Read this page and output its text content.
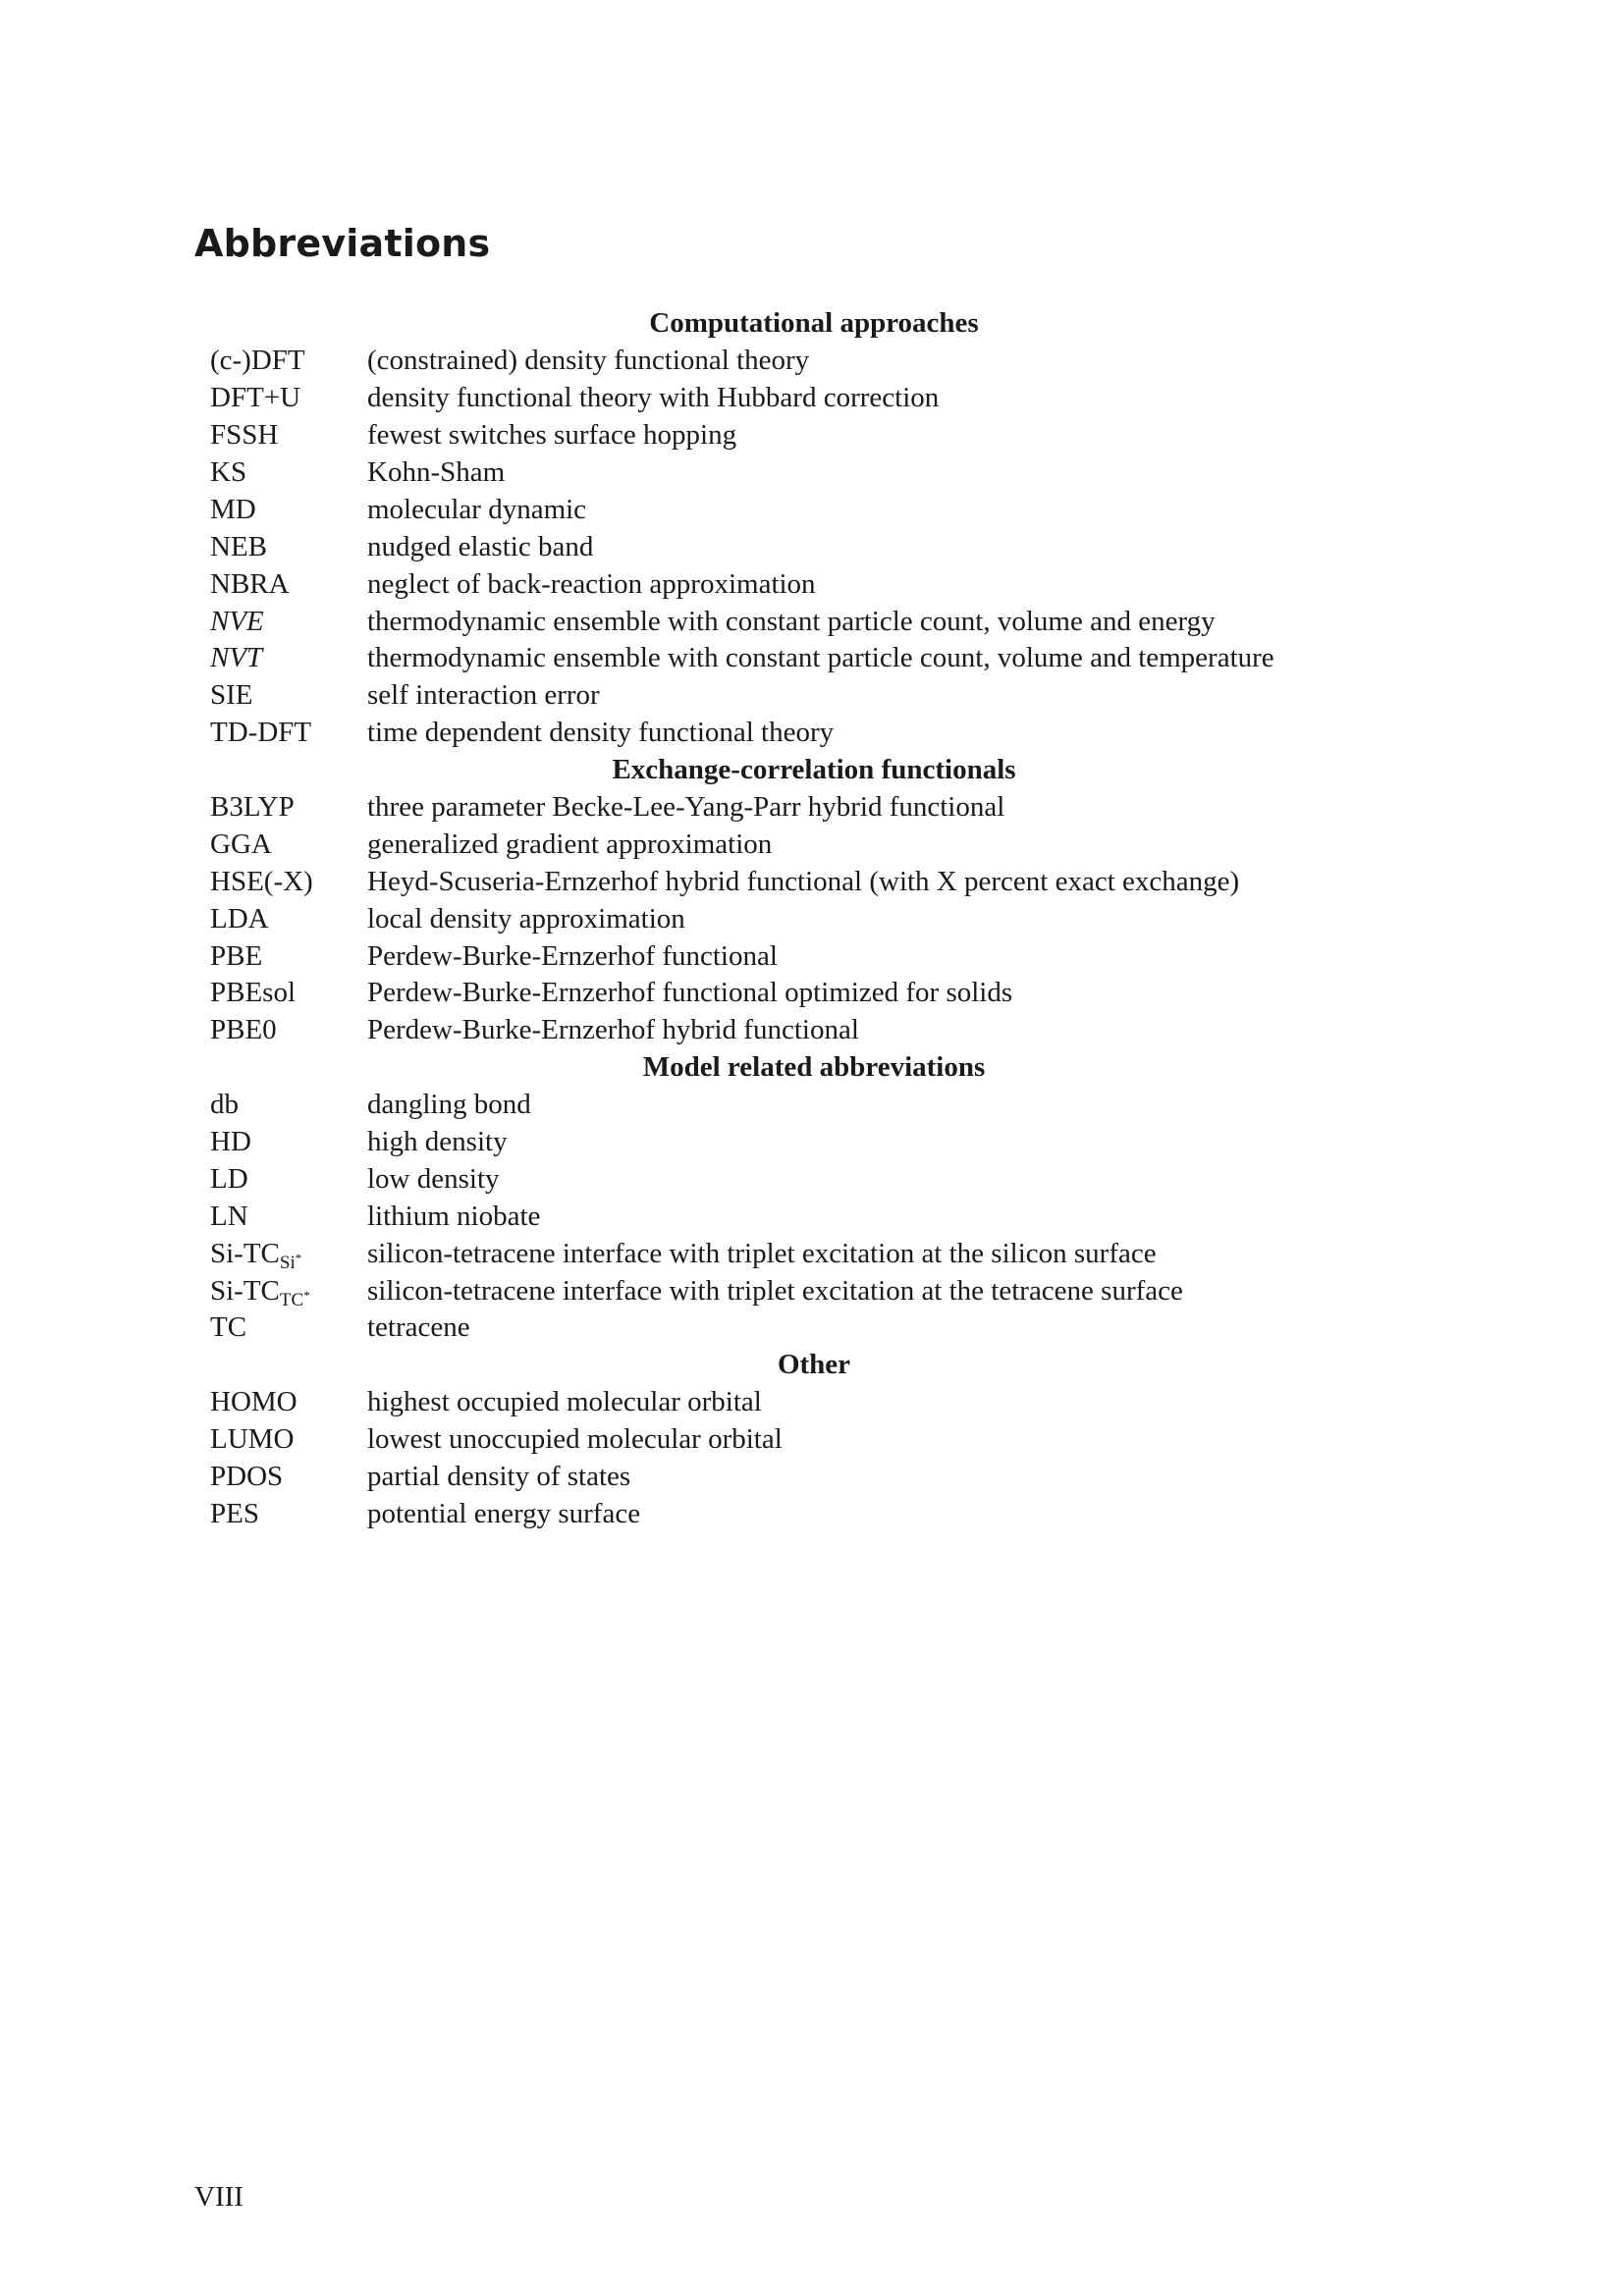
Abbreviations
Computational approaches
(c-)DFT	(constrained) density functional theory
DFT+U	density functional theory with Hubbard correction
FSSH	fewest switches surface hopping
KS	Kohn-Sham
MD	molecular dynamic
NEB	nudged elastic band
NBRA	neglect of back-reaction approximation
NVE	thermodynamic ensemble with constant particle count, volume and energy
NVT	thermodynamic ensemble with constant particle count, volume and temperature
SIE	self interaction error
TD-DFT	time dependent density functional theory
Exchange-correlation functionals
B3LYP	three parameter Becke-Lee-Yang-Parr hybrid functional
GGA	generalized gradient approximation
HSE(-X)	Heyd-Scuseria-Ernzerhof hybrid functional (with X percent exact exchange)
LDA	local density approximation
PBE	Perdew-Burke-Ernzerhof functional
PBEsol	Perdew-Burke-Ernzerhof functional optimized for solids
PBE0	Perdew-Burke-Ernzerhof hybrid functional
Model related abbreviations
db	dangling bond
HD	high density
LD	low density
LN	lithium niobate
$Si-TC_{Si^*}$	silicon-tetracene interface with triplet excitation at the silicon surface
$Si-TC_{TC^*}$	silicon-tetracene interface with triplet excitation at the tetracene surface
TC	tetracene
Other
HOMO	highest occupied molecular orbital
LUMO	lowest unoccupied molecular orbital
PDOS	partial density of states
PES	potential energy surface
VIII
